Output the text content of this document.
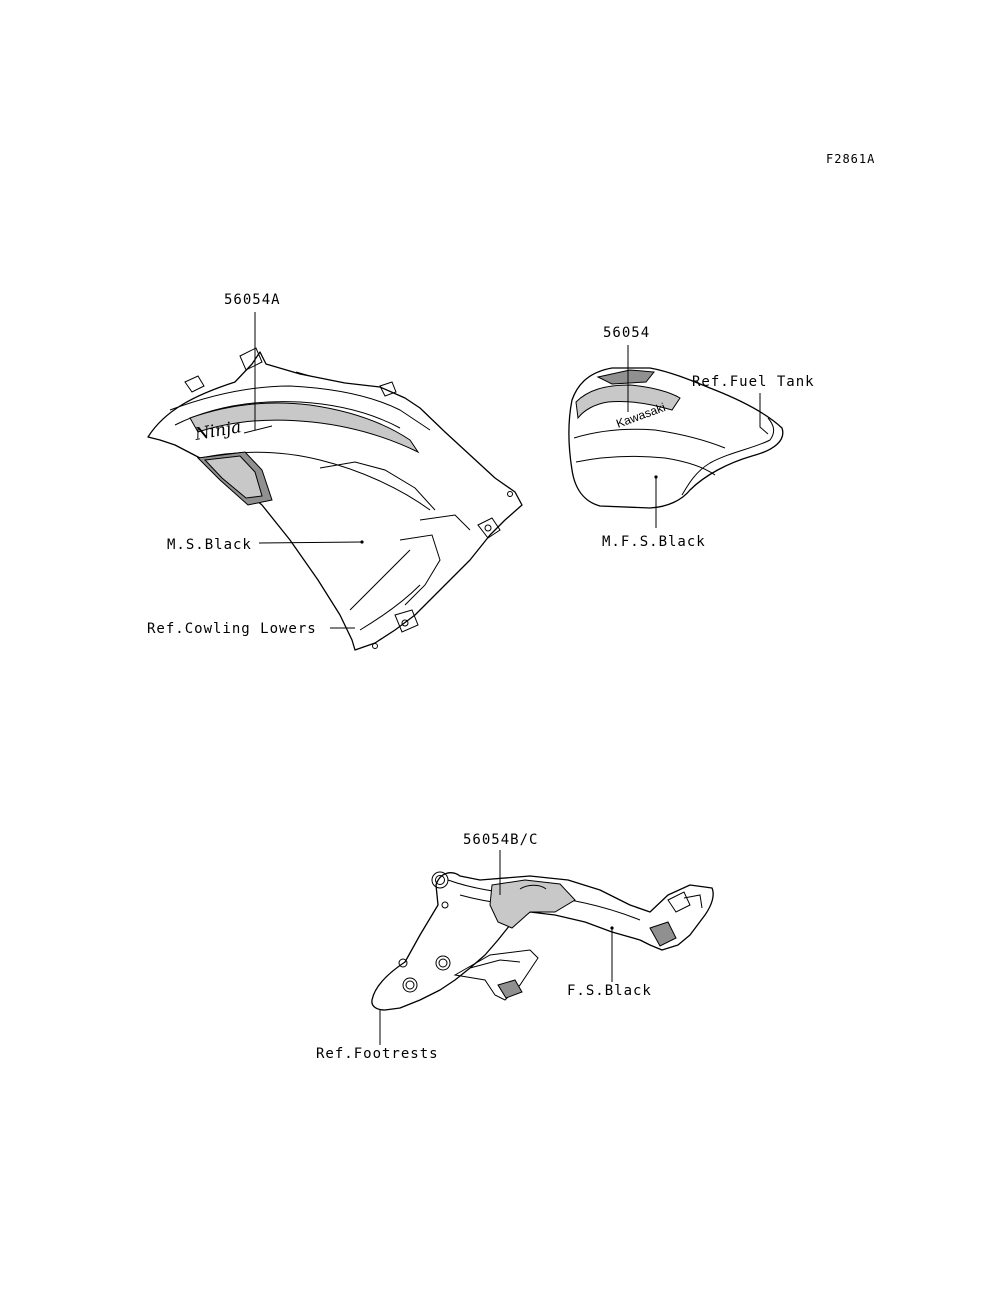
F2861A
Ninja
Kawasaki
56054A
M.S.Black
Ref.Cowling Lowers
56054
Ref.Fuel Tank
M.F.S.Black
56054B/C
F.S.Black
Ref.Footrests
